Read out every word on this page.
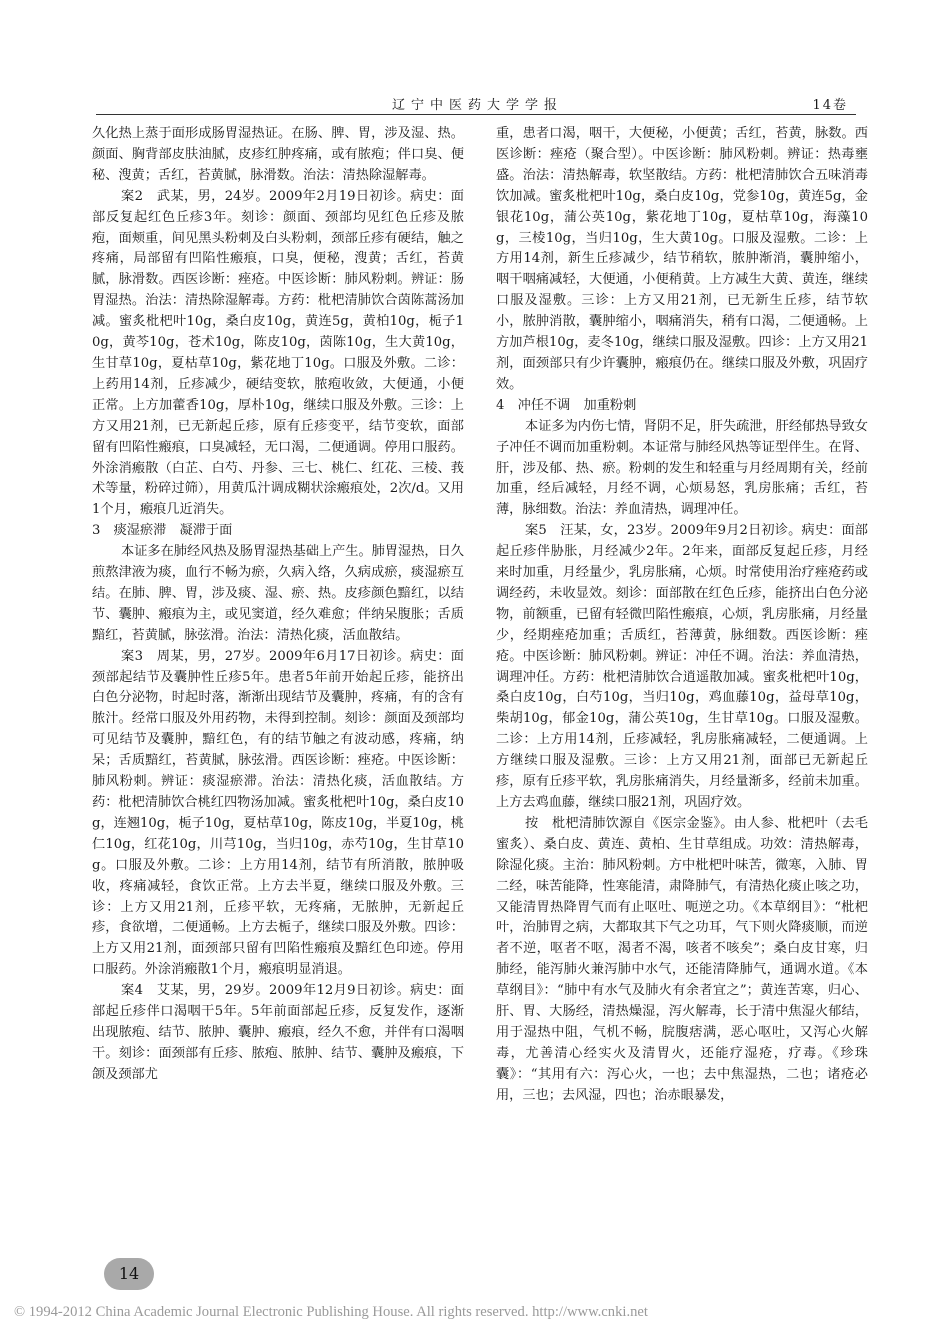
辽宁中医药大学学报	14卷

久化热上蒸于面形成肠胃湿热证。在肠、脾、胃，涉及湿、热。颜面、胸背部皮肤油腻，皮疹红肿疼痛，或有脓疱；伴口臭、便秘、溲黄；舌红，苔黄腻，脉滑数。治法：清热除湿解毒。

案2　武某，男，24岁。2009年2月19日初诊。病史：面部反复起红色丘疹3年。刻诊：颜面、颈部均见红色丘疹及脓疱，面颊重，间见黑头粉刺及白头粉刺，颈部丘疹有硬结，触之疼痛，局部留有凹陷性瘢痕，口臭，便秘，溲黄；舌红，苔黄腻，脉滑数。西医诊断：痤疮。中医诊断：肺风粉刺。辨证：肠胃湿热。治法：清热除湿解毒。方药：枇杷清肺饮合茵陈蒿汤加减。蜜炙枇杷叶10g，桑白皮10g，黄连5g，黄柏10g，栀子10g，黄芩10g，苍术10g，陈皮10g，茵陈10g，生大黄10g，生甘草10g，夏枯草10g，紫花地丁10g。口服及外敷。二诊：上药用14剂，丘疹减少，硬结变软，脓疱收敛，大便通，小便正常。上方加藿香10g，厚朴10g，继续口服及外敷。三诊：上方又用21剂，已无新起丘疹，原有丘疹变平，结节变软，面部留有凹陷性瘢痕，口臭减轻，无口渴，二便通调。停用口服药。外涂消瘢散（白芷、白芍、丹参、三七、桃仁、红花、三棱、莪术等量，粉碎过筛），用黄瓜汁调成糊状涂瘢痕处，2次/d。又用1个月，瘢痕几近消失。

3　痰湿瘀滞　凝滞于面

本证多在肺经风热及肠胃湿热基础上产生。肺胃湿热，日久煎熬津液为痰，血行不畅为瘀，久病入络，久病成瘀，痰湿瘀互结。在肺、脾、胃，涉及痰、湿、瘀、热。皮疹颜色黯红，以结节、囊肿、瘢痕为主，或见窦道，经久难愈；伴纳呆腹胀；舌质黯红，苔黄腻，脉弦滑。治法：清热化痰，活血散结。

案3　周某，男，27岁。2009年6月17日初诊。病史：面颈部起结节及囊肿性丘疹5年。患者5年前开始起丘疹，能挤出白色分泌物，时起时落，渐渐出现结节及囊肿，疼痛，有的含有脓汁。经常口服及外用药物，未得到控制。刻诊：颜面及颈部均可见结节及囊肿，黯红色，有的结节触之有波动感，疼痛，纳呆；舌质黯红，苔黄腻，脉弦滑。西医诊断：痤疮。中医诊断：肺风粉刺。辨证：痰湿瘀滞。治法：清热化痰，活血散结。方药：枇杷清肺饮合桃红四物汤加减。蜜炙枇杷叶10g，桑白皮10g，连翘10g，栀子10g，夏枯草10g，陈皮10g，半夏10g，桃仁10g，红花10g，川芎10g，当归10g，赤芍10g，生甘草10g。口服及外敷。二诊：上方用14剂，结节有所消散，脓肿吸收，疼痛减轻，食饮正常。上方去半夏，继续口服及外敷。三诊：上方又用21剂，丘疹平软，无疼痛，无脓肿，无新起丘疹，食欲增，二便通畅。上方去栀子，继续口服及外敷。四诊：上方又用21剂，面颈部只留有凹陷性瘢痕及黯红色印迹。停用口服药。外涂消瘢散1个月，瘢痕明显消退。

案4　艾某，男，29岁。2009年12月9日初诊。病史：面部起丘疹伴口渴咽干5年。5年前面部起丘疹，反复发作，逐渐出现脓疱、结节、脓肿、囊肿、瘢痕，经久不愈，并伴有口渴咽干。刻诊：面颈部有丘疹、脓疱、脓肿、结节、囊肿及瘢痕，下颌及颈部尤

重，患者口渴，咽干，大便秘，小便黄；舌红，苔黄，脉数。西医诊断：痤疮（聚合型）。中医诊断：肺风粉刺。辨证：热毒壅盛。治法：清热解毒，软坚散结。方药：枇杷清肺饮合五味消毒饮加减。蜜炙枇杷叶10g，桑白皮10g，党参10g，黄连5g，金银花10g，蒲公英10g，紫花地丁10g，夏枯草10g，海藻10g，三棱10g，当归10g，生大黄10g。口服及湿敷。二诊：上方用14剂，新生丘疹减少，结节稍软，脓肿渐消，囊肿缩小，咽干咽痛减轻，大便通，小便稍黄。上方减生大黄、黄连，继续口服及湿敷。三诊：上方又用21剂，已无新生丘疹，结节软小，脓肿消散，囊肿缩小，咽痛消失，稍有口渴，二便通畅。上方加芦根10g，麦冬10g，继续口服及湿敷。四诊：上方又用21剂，面颈部只有少许囊肿，瘢痕仍在。继续口服及外敷，巩固疗效。

4　冲任不调　加重粉刺

本证多为内伤七情，肾阴不足，肝失疏泄，肝经郁热导致女子冲任不调而加重粉刺。本证常与肺经风热等证型伴生。在肾、肝，涉及郁、热、瘀。粉刺的发生和轻重与月经周期有关，经前加重，经后减轻，月经不调，心烦易怒，乳房胀痛；舌红，苔薄，脉细数。治法：养血清热，调理冲任。

案5　汪某，女，23岁。2009年9月2日初诊。病史：面部起丘疹伴胁胀，月经减少2年。2年来，面部反复起丘疹，月经来时加重，月经量少，乳房胀痛，心烦。时常使用治疗痤疮药或调经药，未收显效。刻诊：面部散在红色丘疹，能挤出白色分泌物，前额重，已留有轻微凹陷性瘢痕，心烦，乳房胀痛，月经量少，经期痤疮加重；舌质红，苔薄黄，脉细数。西医诊断：痤疮。中医诊断：肺风粉刺。辨证：冲任不调。治法：养血清热，调理冲任。方药：枇杷清肺饮合逍遥散加减。蜜炙枇杷叶10g，桑白皮10g，白芍10g，当归10g，鸡血藤10g，益母草10g，柴胡10g，郁金10g，蒲公英10g，生甘草10g。口服及湿敷。二诊：上方用14剂，丘疹减轻，乳房胀痛减轻，二便通调。上方继续口服及湿敷。三诊：上方又用21剂，面部已无新起丘疹，原有丘疹平软，乳房胀痛消失，月经量渐多，经前未加重。上方去鸡血藤，继续口服21剂，巩固疗效。

按　枇杷清肺饮源自《医宗金鉴》。由人参、枇杷叶（去毛蜜炙）、桑白皮、黄连、黄柏、生甘草组成。功效：清热解毒，除湿化痰。主治：肺风粉刺。方中枇杷叶味苦，微寒，入肺、胃二经，味苦能降，性寒能清，肃降肺气，有清热化痰止咳之功，又能清胃热降胃气而有止呕吐、呃逆之功。《本草纲目》：“枇杷叶，治肺胃之病，大都取其下气之功耳，气下则火降痰顺，而逆者不逆，呕者不呕，渴者不渴，咳者不咳矣”；桑白皮甘寒，归肺经，能泻肺火兼泻肺中水气，还能清降肺气，通调水道。《本草纲目》：“肺中有水气及肺火有余者宜之”；黄连苦寒，归心、肝、胃、大肠经，清热燥湿，泻火解毒，长于清中焦湿火郁结，用于湿热中阻，气机不畅，脘腹痞满，恶心呕吐，又泻心火解毒，尤善清心经实火及清胃火，还能疗湿疮，疗毒。《珍珠囊》：“其用有六：泻心火，一也；去中焦湿热，二也；诸疮必用，三也；去风湿，四也；治赤眼暴发，

14
© 1994-2012 China Academic Journal Electronic Publishing House. All rights reserved. http://www.cnki.net
